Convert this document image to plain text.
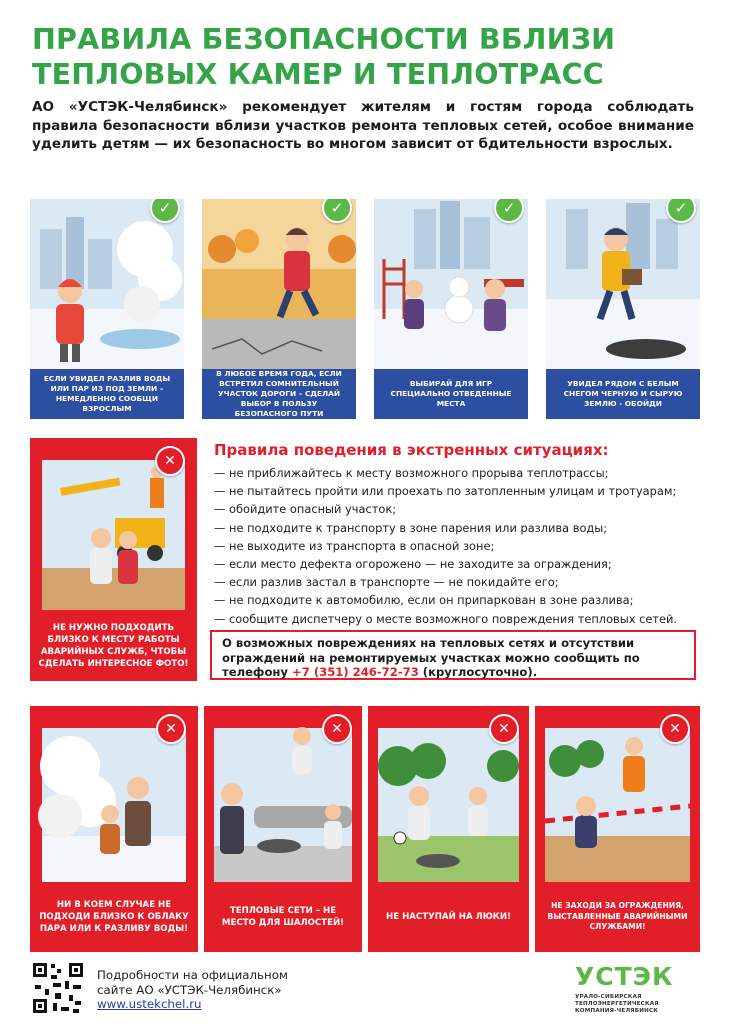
ПРАВИЛА БЕЗОПАСНОСТИ ВБЛИЗИ
ТЕПЛОВЫХ КАМЕР И ТЕПЛОТРАСС
АО «УСТЭК-Челябинск» рекомендует жителям и гостям города соблюдать правила безопасности вблизи участков ремонта тепловых сетей, особое внимание уделить детям — их безопасность во многом зависит от бдительности взрослых.
✓
ЕСЛИ УВИДЕЛ РАЗЛИВ ВОДЫ ИЛИ ПАР ИЗ ПОД ЗЕМЛИ – НЕМЕДЛЕННО СООБЩИ ВЗРОСЛЫМ
✓
В ЛЮБОЕ ВРЕМЯ ГОДА, ЕСЛИ ВСТРЕТИЛ СОМНИТЕЛЬНЫЙ УЧАСТОК ДОРОГИ – СДЕЛАЙ ВЫБОР В ПОЛЬЗУ БЕЗОПАСНОГО ПУТИ
✓
ВЫБИРАЙ ДЛЯ ИГР СПЕЦИАЛЬНО ОТВЕДЕННЫЕ МЕСТА
✓
УВИДЕЛ РЯДОМ С БЕЛЫМ СНЕГОМ ЧЕРНУЮ И СЫРУЮ ЗЕМЛЮ - ОБОЙДИ
✕
НЕ НУЖНО ПОДХОДИТЬ БЛИЗКО К МЕСТУ РАБОТЫ АВАРИЙНЫХ СЛУЖБ, ЧТОБЫ СДЕЛАТЬ ИНТЕРЕСНОЕ ФОТО!
Правила поведения в экстренных ситуациях:
— не приближайтесь к месту возможного прорыва теплотрассы;
— не пытайтесь пройти или проехать по затопленным улицам и тротуарам;
— обойдите опасный участок;
— не подходите к транспорту в зоне парения или разлива воды;
— не выходите из транспорта в опасной зоне;
— если место дефекта огорожено — не заходите за ограждения;
— если разлив застал в транспорте — не покидайте его;
— не подходите к автомобилю, если он припаркован в зоне разлива;
— сообщите диспетчеру о месте возможного повреждения тепловых сетей.
О возможных повреждениях на тепловых сетях и отсутствии ограждений на ремонтируемых участках можно сообщить по телефону +7 (351) 246-72-73 (круглосуточно).
✕
НИ В КОЕМ СЛУЧАЕ НЕ ПОДХОДИ БЛИЗКО К ОБЛАКУ ПАРА ИЛИ К РАЗЛИВУ ВОДЫ!
✕
ТЕПЛОВЫЕ СЕТИ – НЕ МЕСТО ДЛЯ ШАЛОСТЕЙ!
✕
НЕ НАСТУПАЙ НА ЛЮКИ!
✕
НЕ ЗАХОДИ ЗА ОГРАЖДЕНИЯ, ВЫСТАВЛЕННЫЕ АВАРИЙНЫМИ СЛУЖБАМИ!
Подробности на официальном
сайте АО «УСТЭК-Челябинск»
www.ustekchel.ru
УСТЭК
УРАЛО-СИБИРСКАЯ
ТЕПЛОЭНЕРГЕТИЧЕСКАЯ
КОМПАНИЯ-ЧЕЛЯБИНСК
